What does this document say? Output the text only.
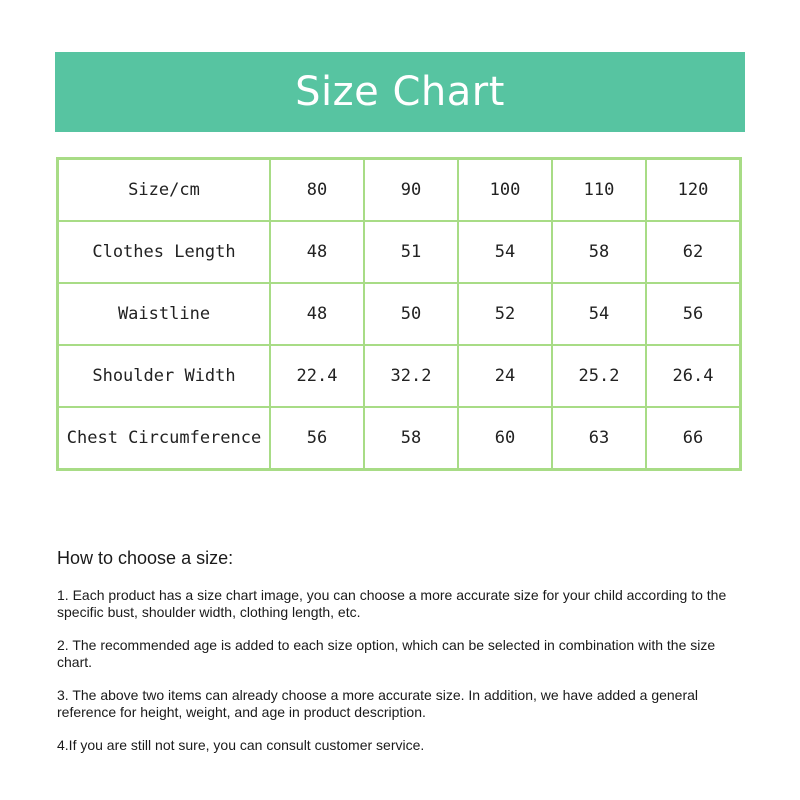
Size Chart
Size/cm	80	90	100	110	120
Clothes Length	48	51	54	58	62
Waistline	48	50	52	54	56
Shoulder Width	22.4	32.2	24	25.2	26.4
Chest Circumference	56	58	60	63	66

How to choose a size:

1. Each product has a size chart image, you can choose a more accurate size for your child according to the specific bust, shoulder width, clothing length, etc.

2. The recommended age is added to each size option, which can be selected in combination with the size chart.

3. The above two items can already choose a more accurate size. In addition, we have added a general reference for height, weight, and age in product description.

4.If you are still not sure, you can consult customer service.
